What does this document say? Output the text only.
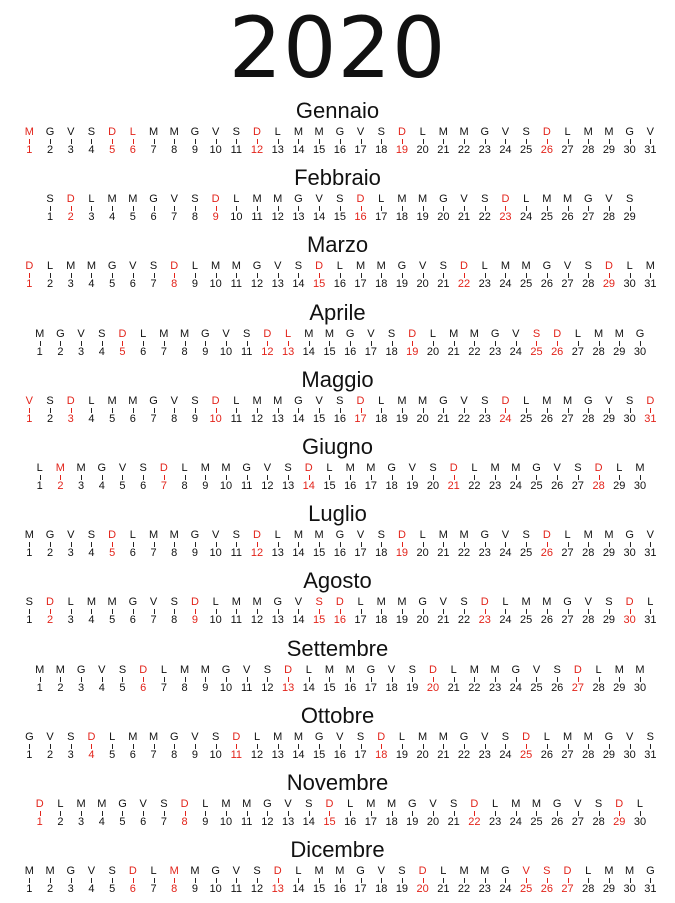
2020
Gennaio
M
1
G
2
V
3
S
4
D
5
L
6
M
7
M
8
G
9
V
10
S
11
D
12
L
13
M
14
M
15
G
16
V
17
S
18
D
19
L
20
M
21
M
22
G
23
V
24
S
25
D
26
L
27
M
28
M
29
G
30
V
31
Febbraio
S
1
D
2
L
3
M
4
M
5
G
6
V
7
S
8
D
9
L
10
M
11
M
12
G
13
V
14
S
15
D
16
L
17
M
18
M
19
G
20
V
21
S
22
D
23
L
24
M
25
M
26
G
27
V
28
S
29
Marzo
D
1
L
2
M
3
M
4
G
5
V
6
S
7
D
8
L
9
M
10
M
11
G
12
V
13
S
14
D
15
L
16
M
17
M
18
G
19
V
20
S
21
D
22
L
23
M
24
M
25
G
26
V
27
S
28
D
29
L
30
M
31
Aprile
M
1
G
2
V
3
S
4
D
5
L
6
M
7
M
8
G
9
V
10
S
11
D
12
L
13
M
14
M
15
G
16
V
17
S
18
D
19
L
20
M
21
M
22
G
23
V
24
S
25
D
26
L
27
M
28
M
29
G
30
Maggio
V
1
S
2
D
3
L
4
M
5
M
6
G
7
V
8
S
9
D
10
L
11
M
12
M
13
G
14
V
15
S
16
D
17
L
18
M
19
M
20
G
21
V
22
S
23
D
24
L
25
M
26
M
27
G
28
V
29
S
30
D
31
Giugno
L
1
M
2
M
3
G
4
V
5
S
6
D
7
L
8
M
9
M
10
G
11
V
12
S
13
D
14
L
15
M
16
M
17
G
18
V
19
S
20
D
21
L
22
M
23
M
24
G
25
V
26
S
27
D
28
L
29
M
30
Luglio
M
1
G
2
V
3
S
4
D
5
L
6
M
7
M
8
G
9
V
10
S
11
D
12
L
13
M
14
M
15
G
16
V
17
S
18
D
19
L
20
M
21
M
22
G
23
V
24
S
25
D
26
L
27
M
28
M
29
G
30
V
31
Agosto
S
1
D
2
L
3
M
4
M
5
G
6
V
7
S
8
D
9
L
10
M
11
M
12
G
13
V
14
S
15
D
16
L
17
M
18
M
19
G
20
V
21
S
22
D
23
L
24
M
25
M
26
G
27
V
28
S
29
D
30
L
31
Settembre
M
1
M
2
G
3
V
4
S
5
D
6
L
7
M
8
M
9
G
10
V
11
S
12
D
13
L
14
M
15
M
16
G
17
V
18
S
19
D
20
L
21
M
22
M
23
G
24
V
25
S
26
D
27
L
28
M
29
M
30
Ottobre
G
1
V
2
S
3
D
4
L
5
M
6
M
7
G
8
V
9
S
10
D
11
L
12
M
13
M
14
G
15
V
16
S
17
D
18
L
19
M
20
M
21
G
22
V
23
S
24
D
25
L
26
M
27
M
28
G
29
V
30
S
31
Novembre
D
1
L
2
M
3
M
4
G
5
V
6
S
7
D
8
L
9
M
10
M
11
G
12
V
13
S
14
D
15
L
16
M
17
M
18
G
19
V
20
S
21
D
22
L
23
M
24
M
25
G
26
V
27
S
28
D
29
L
30
Dicembre
M
1
M
2
G
3
V
4
S
5
D
6
L
7
M
8
M
9
G
10
V
11
S
12
D
13
L
14
M
15
M
16
G
17
V
18
S
19
D
20
L
21
M
22
M
23
G
24
V
25
S
26
D
27
L
28
M
29
M
30
G
31
